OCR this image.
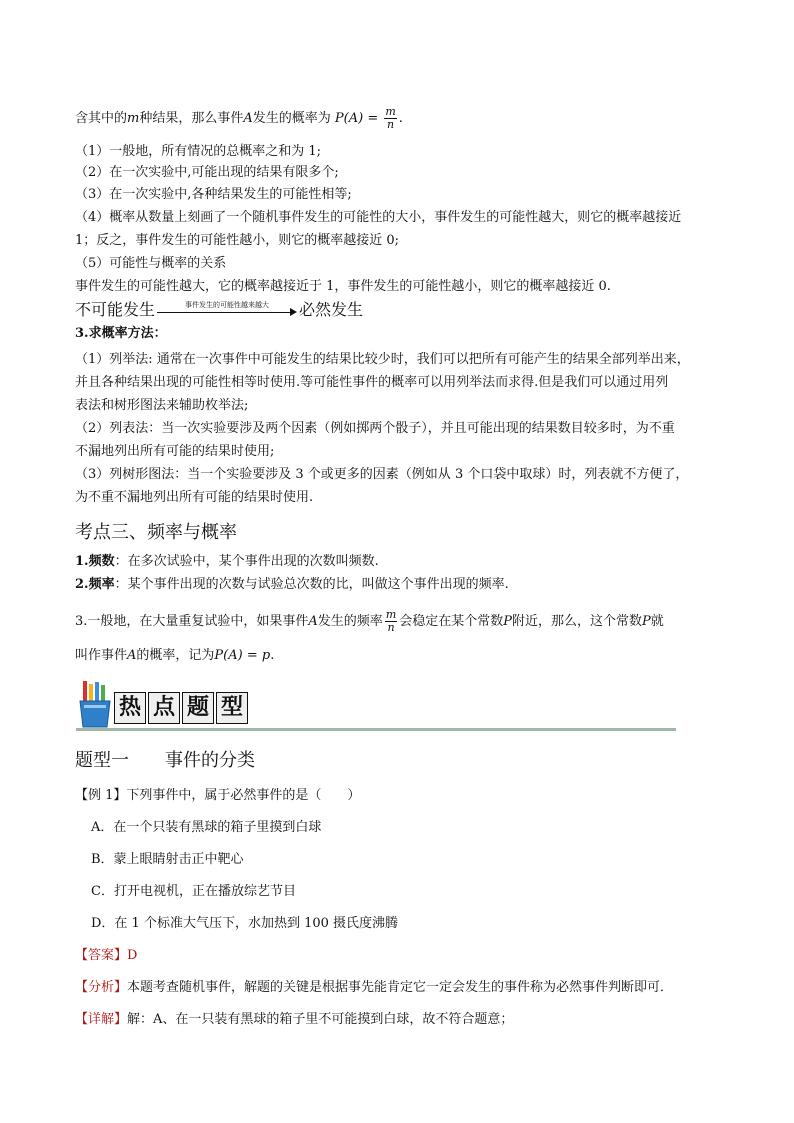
含其中的m种结果，那么事件A发生的概率为 $P(A) = \frac{m}{n}$ .
（1）一般地，所有情况的总概率之和为 1;
（2）在一次实验中,可能出现的结果有限多个;
（3）在一次实验中,各种结果发生的可能性相等;
（4）概率从数量上刻画了一个随机事件发生的可能性的大小，事件发生的可能性越大，则它的概率越接近
1；反之，事件发生的可能性越小，则它的概率越接近 0;
（5）可能性与概率的关系
事件发生的可能性越大，它的概率越接近于 1，事件发生的可能性越小，则它的概率越接近 0.
不可能发生	事件发生的可能性越来越大	必然发生
3.求概率方法：
（1）列举法: 通常在一次事件中可能发生的结果比较少时，我们可以把所有可能产生的结果全部列举出来，
并且各种结果出现的可能性相等时使用.等可能性事件的概率可以用列举法而求得.但是我们可以通过用列
表法和树形图法来辅助枚举法;
（2）列表法：当一次实验要涉及两个因素（例如掷两个骰子），并且可能出现的结果数目较多时，为不重
不漏地列出所有可能的结果时使用;
（3）列树形图法：当一个实验要涉及 3 个或更多的因素（例如从 3 个口袋中取球）时，列表就不方便了，
为不重不漏地列出所有可能的结果时使用.
考点三、频率与概率
1.频数：在多次试验中，某个事件出现的次数叫频数.
2.频率：某个事件出现的次数与试验总次数的比，叫做这个事件出现的频率.
3.一般地，在大量重复试验中，如果事件A发生的频率 $\frac{m}{n}$ 会稳定在某个常数P附近，那么，这个常数P就
叫作事件A的概率，记为P(A) = p.
热 点 题 型
题型一　　事件的分类
【例 1】下列事件中，属于必然事件的是（　　）
A．在一个只装有黑球的箱子里摸到白球
B．蒙上眼睛射击正中靶心
C．打开电视机，正在播放综艺节目
D．在 1 个标准大气压下，水加热到 100 摄氏度沸腾
【答案】D
【分析】本题考查随机事件，解题的关键是根据事先能肯定它一定会发生的事件称为必然事件判断即可．
【详解】解：A、在一只装有黑球的箱子里不可能摸到白球，故不符合题意；
